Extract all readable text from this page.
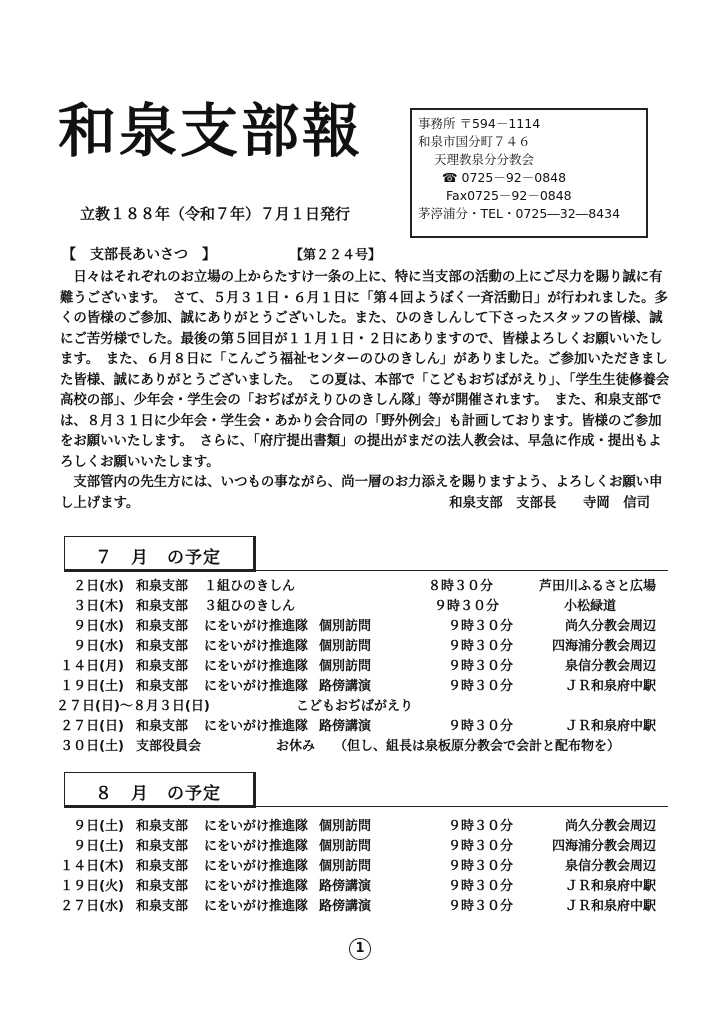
和泉支部報
立教１８８年（令和７年）７月１日発行
事務所 〒594－1114
和泉市国分町７４６
天理教泉分分教会
☎ 0725－92－0848
Fax0725－92－0848
茅渟浦分・TEL・0725―32―8434
【　支部長あいさつ　】	【第２２４号】

日々はそれぞれのお立場の上からたすけ一条の上に、特に当支部の活動の上にご尽力を賜り誠に有難うございます。　さて、５月３１日・６月１日に「第４回ようぼく一斉活動日」が行われました。多くの皆様のご参加、誠にありがとうございした。また、ひのきしんして下さったスタッフの皆様、誠にご苦労様でした。最後の第５回目が１１月１日・２日にありますので、皆様よろしくお願いいたします。　また、６月８日に「こんごう福祉センターのひのきしん」がありました。ご参加いただきました皆様、誠にありがとうございました。　この夏は、本部で「こどもおぢばがえり」、「学生生徒修養会　高校の部」、少年会・学生会の「おぢばがえりひのきしん隊」等が開催されます。　また、和泉支部では、８月３１日に少年会・学生会・あかり会合同の「野外例会」も計画しております。皆様のご参加をお願いいたします。　さらに、「府庁提出書類」の提出がまだの法人教会は、早急に作成・提出もよろしくお願いいたします。

支部管内の先生方には、いつもの事ながら、尚一層のお力添えを賜りますよう、よろしくお願い申し上げます。	和泉支部　支部長　　寺岡　信司
７　月　の予定
２日(水) 和泉支部 １組ひのきしん	８時３０分	芦田川ふるさと広場
３日(木) 和泉支部 ３組ひのきしん	９時３０分	小松緑道
９日(水) 和泉支部 にをいがけ推進隊 個別訪問	９時３０分	尚久分教会周辺
９日(水) 和泉支部 にをいがけ推進隊 個別訪問	９時３０分	四海浦分教会周辺
１４日(月) 和泉支部 にをいがけ推進隊 個別訪問	９時３０分	泉信分教会周辺
１９日(土) 和泉支部 にをいがけ推進隊 路傍講演	９時３０分	ＪＲ和泉府中駅
２７日(日)～８月３日(日)	こどもおぢばがえり
２７日(日) 和泉支部 にをいがけ推進隊 路傍講演	９時３０分	ＪＲ和泉府中駅
３０日(土) 支部役員会	お休み （但し、組長は泉板原分教会で会計と配布物を）
８　月　の予定
９日(土) 和泉支部 にをいがけ推進隊 個別訪問	９時３０分	尚久分教会周辺
９日(土) 和泉支部 にをいがけ推進隊 個別訪問	９時３０分	四海浦分教会周辺
１４日(木) 和泉支部 にをいがけ推進隊 個別訪問	９時３０分	泉信分教会周辺
１９日(火) 和泉支部 にをいがけ推進隊 路傍講演	９時３０分	ＪＲ和泉府中駅
２７日(水) 和泉支部 にをいがけ推進隊 路傍講演	９時３０分	ＪＲ和泉府中駅
1
